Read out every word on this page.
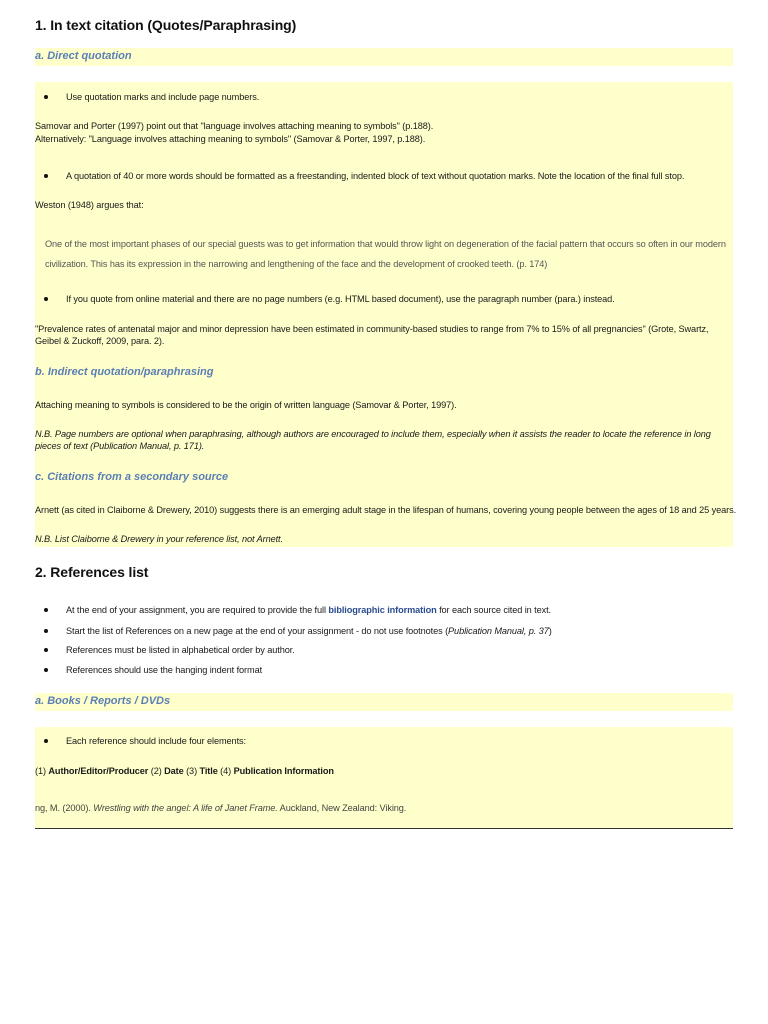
1. In text citation (Quotes/Paraphrasing)
a. Direct quotation
Use quotation marks and include page numbers.
Samovar and Porter (1997) point out that "language involves attaching meaning to symbols" (p.188).
Alternatively: "Language involves attaching meaning to symbols" (Samovar & Porter, 1997, p.188).
A quotation of 40 or more words should be formatted as a freestanding, indented block of text without quotation marks. Note the location of the final full stop.
Weston (1948) argues that:
One of the most important phases of our special guests was to get information that would throw light on degeneration of the facial pattern that occurs so often in our modern civilization. This has its expression in the narrowing and lengthening of the face and the development of crooked teeth. (p. 174)
If you quote from online material and there are no page numbers (e.g. HTML based document), use the paragraph number (para.) instead.
"Prevalence rates of antenatal major and minor depression have been estimated in community-based studies to range from 7% to 15% of all pregnancies" (Grote, Swartz, Geibel & Zuckoff, 2009, para. 2).
b. Indirect quotation/paraphrasing
Attaching meaning to symbols is considered to be the origin of written language (Samovar & Porter, 1997).
N.B. Page numbers are optional when paraphrasing, although authors are encouraged to include them, especially when it assists the reader to locate the reference in long pieces of text (Publication Manual, p. 171).
c. Citations from a secondary source
Arnett (as cited in Claiborne & Drewery, 2010) suggests there is an emerging adult stage in the lifespan of humans, covering young people between the ages of 18 and 25 years.
N.B. List Claiborne & Drewery in your reference list, not Arnett.
2. References list
At the end of your assignment, you are required to provide the full bibliographic information for each source cited in text.
Start the list of References on a new page at the end of your assignment - do not use footnotes (Publication Manual, p. 37)
References must be listed in alphabetical order by author.
References should use the hanging indent format
a. Books / Reports / DVDs
Each reference should include four elements:
(1) Author/Editor/Producer (2) Date (3) Title (4) Publication Information
ng, M. (2000). Wrestling with the angel: A life of Janet Frame. Auckland, New Zealand: Viking.
